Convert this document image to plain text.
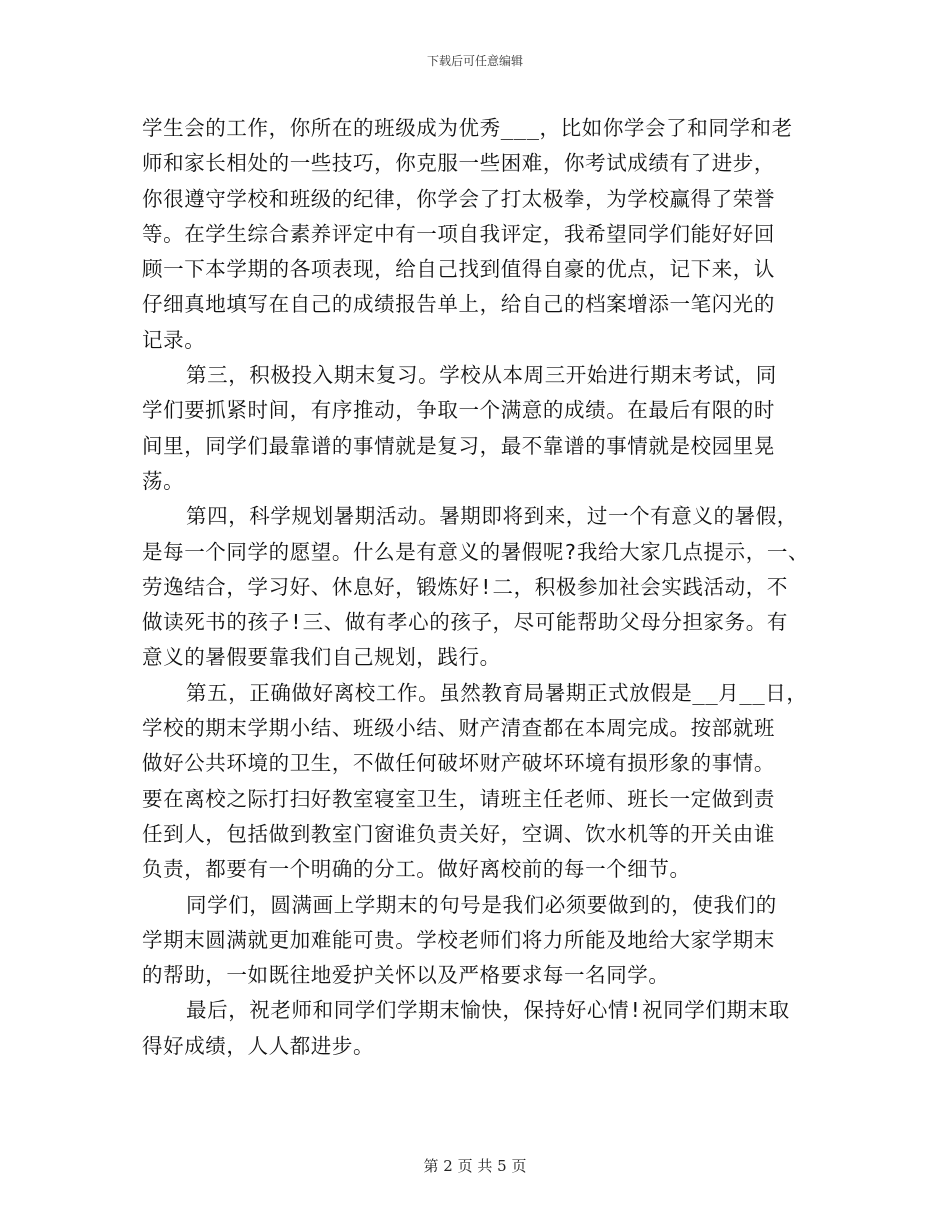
下载后可任意编辑
学生会的工作，你所在的班级成为优秀___，比如你学会了和同学和老
师和家长相处的一些技巧，你克服一些困难，你考试成绩有了进步，
你很遵守学校和班级的纪律，你学会了打太极拳，为学校赢得了荣誉
等。在学生综合素养评定中有一项自我评定，我希望同学们能好好回
顾一下本学期的各项表现，给自己找到值得自豪的优点，记下来，认
仔细真地填写在自己的成绩报告单上，给自己的档案增添一笔闪光的
记录。
第三，积极投入期末复习。学校从本周三开始进行期末考试，同
学们要抓紧时间，有序推动，争取一个满意的成绩。在最后有限的时
间里，同学们最靠谱的事情就是复习，最不靠谱的事情就是校园里晃
荡。
第四，科学规划暑期活动。暑期即将到来，过一个有意义的暑假，
是每一个同学的愿望。什么是有意义的暑假呢?我给大家几点提示，一、
劳逸结合，学习好、休息好，锻炼好!二，积极参加社会实践活动，不
做读死书的孩子!三、做有孝心的孩子，尽可能帮助父母分担家务。有
意义的暑假要靠我们自己规划，践行。
第五，正确做好离校工作。虽然教育局暑期正式放假是__月__日，
学校的期末学期小结、班级小结、财产清查都在本周完成。按部就班
做好公共环境的卫生，不做任何破坏财产破坏环境有损形象的事情。
要在离校之际打扫好教室寝室卫生，请班主任老师、班长一定做到责
任到人，包括做到教室门窗谁负责关好，空调、饮水机等的开关由谁
负责，都要有一个明确的分工。做好离校前的每一个细节。
同学们，圆满画上学期末的句号是我们必须要做到的，使我们的
学期末圆满就更加难能可贵。学校老师们将力所能及地给大家学期末
的帮助，一如既往地爱护关怀以及严格要求每一名同学。
最后，祝老师和同学们学期末愉快，保持好心情!祝同学们期末取
得好成绩，人人都进步。
第 2 页 共 5 页
